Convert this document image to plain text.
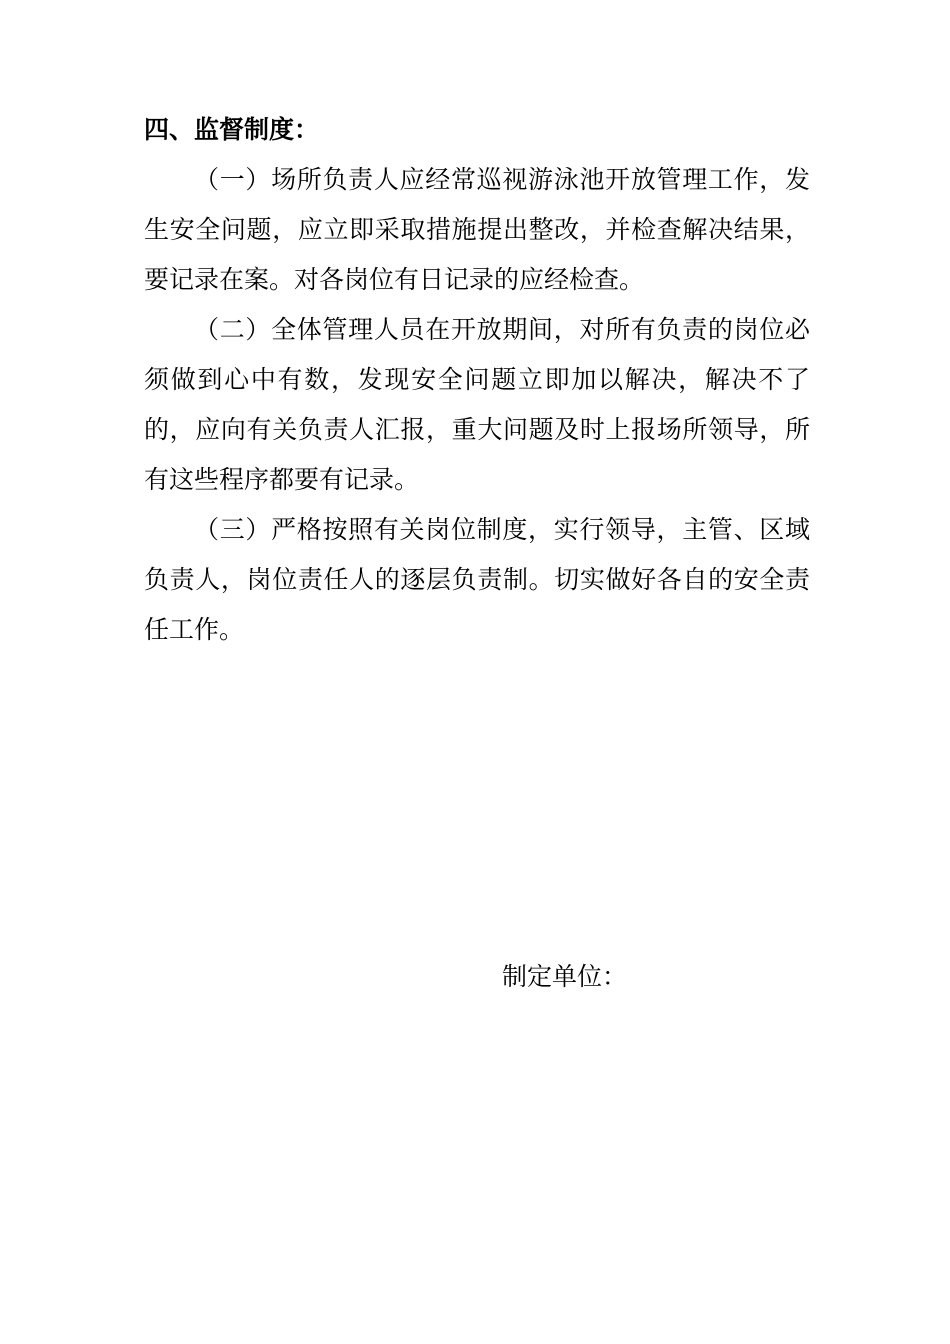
四、监督制度：

（一）场所负责人应经常巡视游泳池开放管理工作，发生安全问题，应立即采取措施提出整改，并检查解决结果，要记录在案。对各岗位有日记录的应经检查。

（二）全体管理人员在开放期间，对所有负责的岗位必须做到心中有数，发现安全问题立即加以解决，解决不了的，应向有关负责人汇报，重大问题及时上报场所领导，所有这些程序都要有记录。

（三）严格按照有关岗位制度，实行领导，主管、区域负责人，岗位责任人的逐层负责制。切实做好各自的安全责任工作。

制定单位：
